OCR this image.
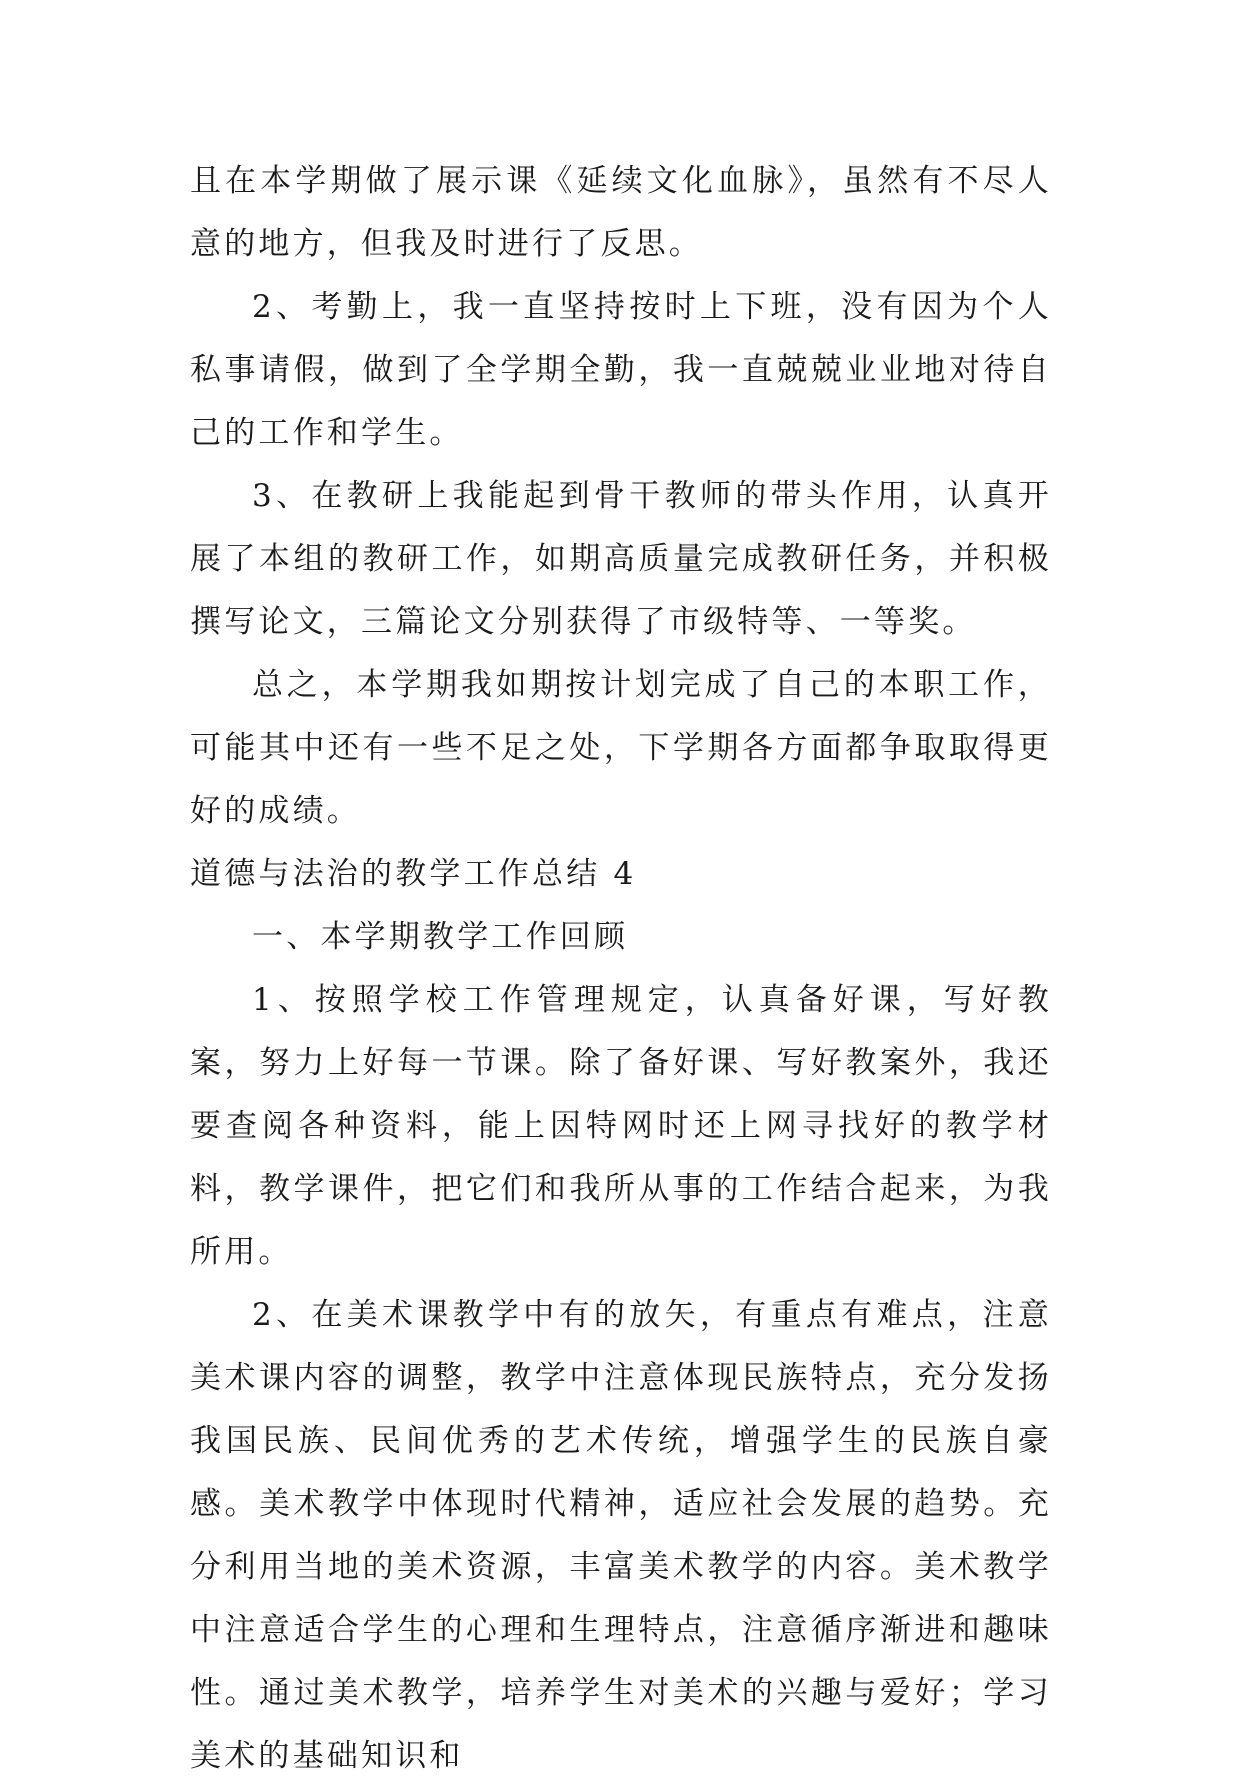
且在本学期做了展示课《延续文化血脉》，虽然有不尽人意的地方，但我及时进行了反思。

2、考勤上，我一直坚持按时上下班，没有因为个人私事请假，做到了全学期全勤，我一直兢兢业业地对待自己的工作和学生。

3、在教研上我能起到骨干教师的带头作用，认真开展了本组的教研工作，如期高质量完成教研任务，并积极撰写论文，三篇论文分别获得了市级特等、一等奖。

总之，本学期我如期按计划完成了自己的本职工作，可能其中还有一些不足之处，下学期各方面都争取取得更好的成绩。

道德与法治的教学工作总结 4

一、本学期教学工作回顾

1、按照学校工作管理规定，认真备好课，写好教案，努力上好每一节课。除了备好课、写好教案外，我还要查阅各种资料，能上因特网时还上网寻找好的教学材料，教学课件，把它们和我所从事的工作结合起来，为我所用。

2、在美术课教学中有的放矢，有重点有难点，注意美术课内容的调整，教学中注意体现民族特点，充分发扬我国民族、民间优秀的艺术传统，增强学生的民族自豪感。美术教学中体现时代精神，适应社会发展的趋势。充分利用当地的美术资源，丰富美术教学的内容。美术教学中注意适合学生的心理和生理特点，注意循序渐进和趣味性。通过美术教学，培养学生对美术的兴趣与爱好；学习美术的基础知识和
